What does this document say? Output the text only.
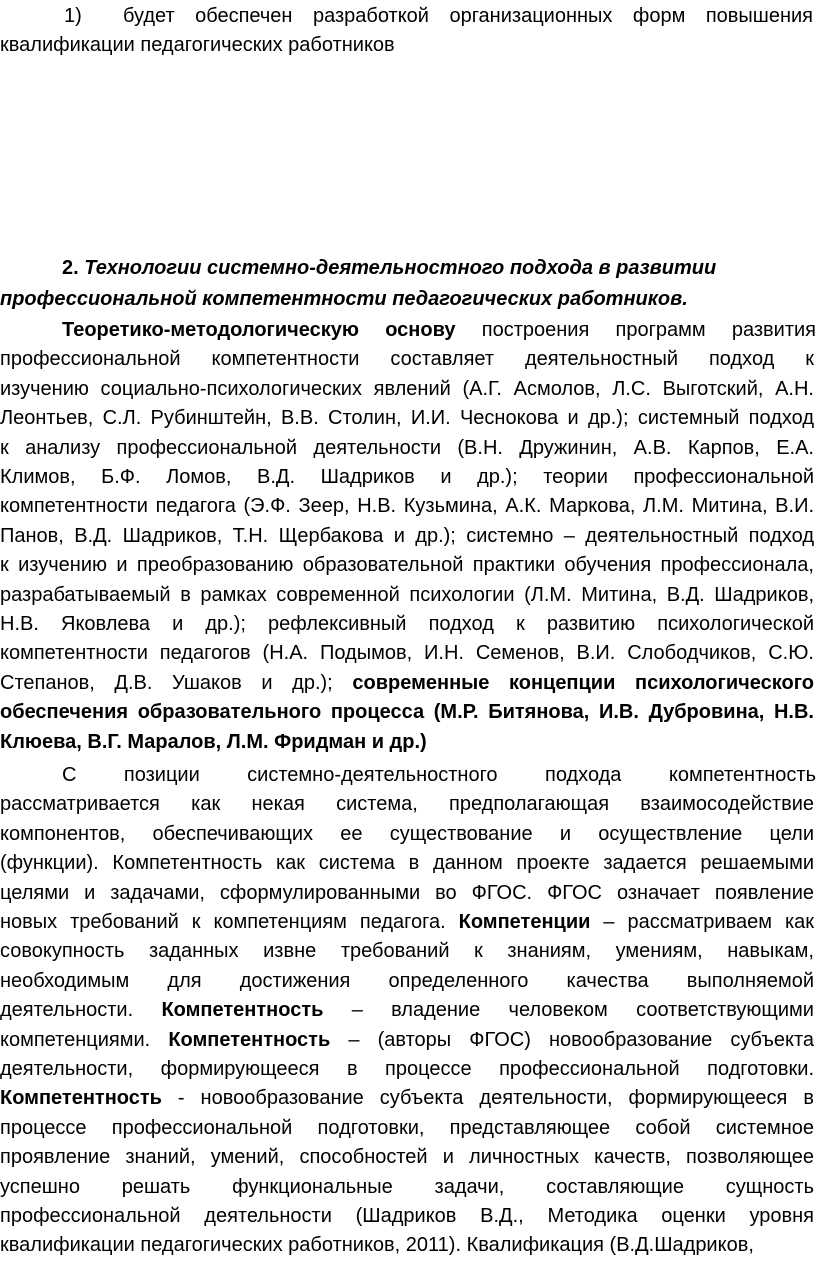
1) будет обеспечен разработкой организационных форм повышения
квалификации педагогических работников
2. Технологии системно-деятельностного подхода в развитии
профессиональной компетентности педагогических работников.
Теоретико-методологическую основу построения программ развития
профессиональной компетентности составляет деятельностный подход к
изучению социально-психологических явлений (А.Г. Асмолов, Л.С. Выготский, А.Н.
Леонтьев, С.Л. Рубинштейн, В.В. Столин, И.И. Чеснокова и др.); системный подход
к анализу профессиональной деятельности (В.Н. Дружинин, А.В. Карпов, Е.А.
Климов, Б.Ф. Ломов, В.Д. Шадриков и др.); теории профессиональной
компетентности педагога (Э.Ф. Зеер, Н.В. Кузьмина, А.К. Маркова, Л.М. Митина, В.И.
Панов, В.Д. Шадриков, Т.Н. Щербакова и др.); системно – деятельностный подход
к изучению и преобразованию образовательной практики обучения профессионала,
разрабатываемый в рамках современной психологии (Л.М. Митина, В.Д. Шадриков,
Н.В. Яковлева и др.); рефлексивный подход к развитию психологической
компетентности педагогов (Н.А. Подымов, И.Н. Семенов, В.И. Слободчиков, С.Ю.
Степанов, Д.В. Ушаков и др.); современные концепции психологического
обеспечения образовательного процесса (М.Р. Битянова, И.В. Дубровина, Н.В.
Клюева, В.Г. Маралов, Л.М. Фридман и др.)
С позиции системно-деятельностного подхода компетентность
рассматривается как некая система, предполагающая взаимосодействие
компонентов, обеспечивающих ее существование и осуществление цели
(функции). Компетентность как система в данном проекте задается решаемыми
целями и задачами, сформулированными во ФГОС. ФГОС означает появление
новых требований к компетенциям педагога. Компетенции – рассматриваем как
совокупность заданных извне требований к знаниям, умениям, навыкам,
необходимым для достижения определенного качества выполняемой
деятельности. Компетентность – владение человеком соответствующими
компетенциями. Компетентность – (авторы ФГОС) новообразование субъекта
деятельности, формирующееся в процессе профессиональной подготовки.
Компетентность - новообразование субъекта деятельности, формирующееся в
процессе профессиональной подготовки, представляющее собой системное
проявление знаний, умений, способностей и личностных качеств, позволяющее
успешно решать функциональные задачи, составляющие сущность
профессиональной деятельности (Шадриков В.Д., Методика оценки уровня
квалификации педагогических работников, 2011). Квалификация (В.Д.Шадриков,
